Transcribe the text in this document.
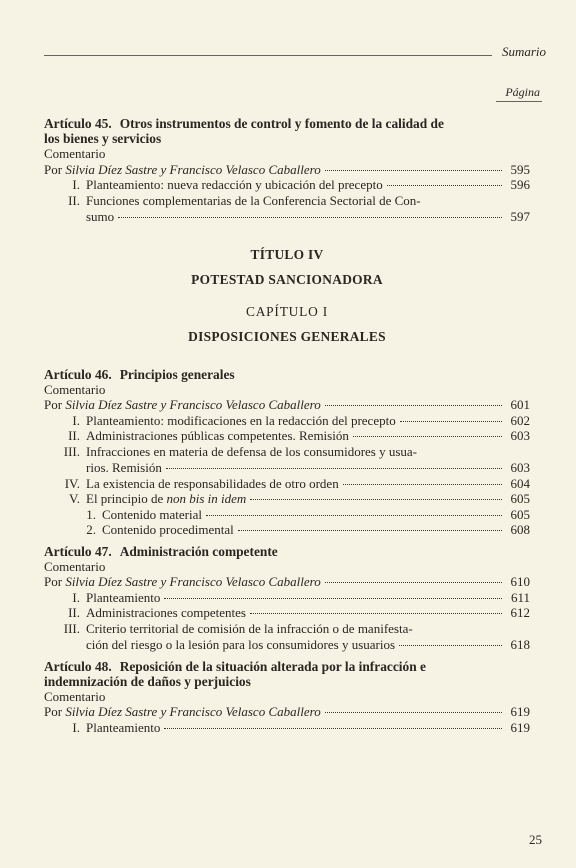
Sumario
Página

Artículo 45. Otros instrumentos de control y fomento de la calidad de
los bienes y servicios

Comentario
Por
Silvia Díez Sastre y Francisco Velasco Caballero	595
I. Planteamiento: nueva redacción y ubicación del precepto	596
II. Funciones complementarias de la Conferencia Sectorial de Con-
sumo	597
TÍTULO IV
POTESTAD SANCIONADORA
CAPÍTULO I
DISPOSICIONES GENERALES

Artículo 46. Principios generales

Comentario
Por
Silvia Díez Sastre y Francisco Velasco Caballero	601
I. Planteamiento: modificaciones en la redacción del precepto	602
II. Administraciones públicas competentes. Remisión	603
III. Infracciones en materia de defensa de los consumidores y usua-
rios. Remisión	603
IV. La existencia de responsabilidades de otro orden	604
V. El principio de
non bis in idem	605
1. Contenido material	605
2. Contenido procedimental	608

Artículo 47. Administración competente

Comentario
Por
Silvia Díez Sastre y Francisco Velasco Caballero	610
I. Planteamiento	611
II. Administraciones competentes	612
III. Criterio territorial de comisión de la infracción o de manifesta-
ción del riesgo o la lesión para los consumidores y usuarios	618

Artículo 48. Reposición de la situación alterada por la infracción e
indemnización de daños y perjuicios

Comentario
Por
Silvia Díez Sastre y Francisco Velasco Caballero	619
I. Planteamiento	619
25
